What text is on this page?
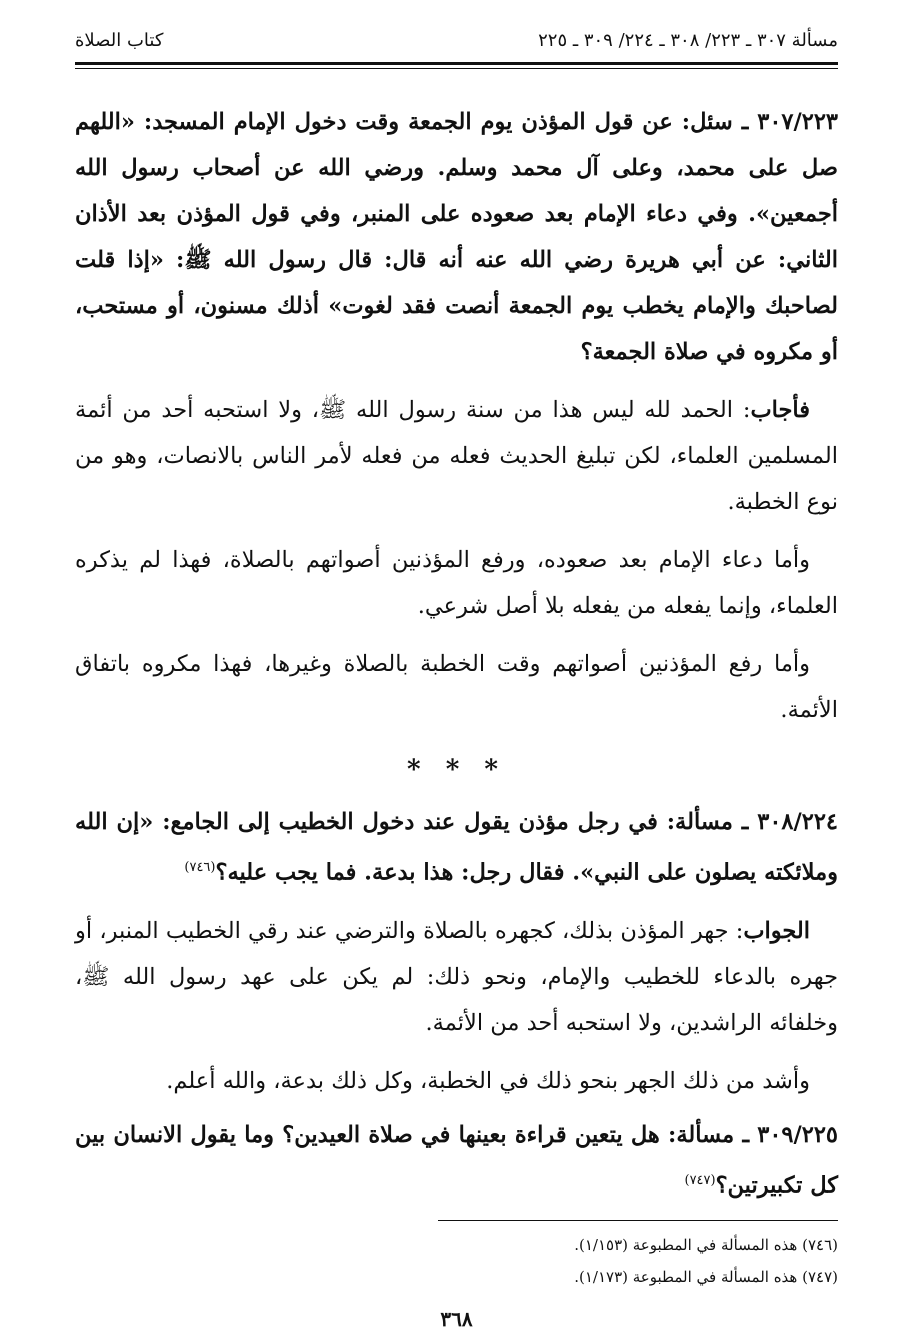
مسألة ٣٠٧ ـ ٢٢٣/ ٣٠٨ ـ ٢٢٤/ ٣٠٩ ـ ٢٢٥
كتاب الصلاة

٣٠٧/٢٢٣ ـ سئل: عن قول المؤذن يوم الجمعة وقت دخول الإمام المسجد: «اللهم صل على محمد، وعلى آل محمد وسلم. ورضي الله عن أصحاب رسول الله أجمعين». وفي دعاء الإمام بعد صعوده على المنبر، وفي قول المؤذن بعد الأذان الثاني: عن أبي هريرة رضي الله عنه أنه قال: قال رسول الله ﷺ: «إذا قلت لصاحبك والإمام يخطب يوم الجمعة أنصت فقد لغوت» أذلك مسنون، أو مستحب، أو مكروه في صلاة الجمعة؟

فأجاب: الحمد لله ليس هذا من سنة رسول الله ﷺ، ولا استحبه أحد من أئمة المسلمين العلماء، لكن تبليغ الحديث فعله من فعله لأمر الناس بالانصات، وهو من نوع الخطبة.

وأما دعاء الإمام بعد صعوده، ورفع المؤذنين أصواتهم بالصلاة، فهذا لم يذكره العلماء، وإنما يفعله من يفعله بلا أصل شرعي.

وأما رفع المؤذنين أصواتهم وقت الخطبة بالصلاة وغيرها، فهذا مكروه باتفاق الأئمة.

* * *

٣٠٨/٢٢٤ ـ مسألة: في رجل مؤذن يقول عند دخول الخطيب إلى الجامع: «إن الله وملائكته يصلون على النبي». فقال رجل: هذا بدعة. فما يجب عليه؟$^{(٧٤٦)}$

الجواب: جهر المؤذن بذلك، كجهره بالصلاة والترضي عند رقي الخطيب المنبر، أو جهره بالدعاء للخطيب والإمام، ونحو ذلك: لم يكن على عهد رسول الله ﷺ، وخلفائه الراشدين، ولا استحبه أحد من الأئمة.

وأشد من ذلك الجهر بنحو ذلك في الخطبة، وكل ذلك بدعة، والله أعلم.

٣٠٩/٢٢٥ ـ مسألة: هل يتعين قراءة بعينها في صلاة العيدين؟ وما يقول الانسان بين كل تكبيرتين؟$^{(٧٤٧)}$

(٧٤٦) هذه المسألة في المطبوعة (١/١٥٣).
(٧٤٧) هذه المسألة في المطبوعة (١/١٧٣).
٣٦٨
